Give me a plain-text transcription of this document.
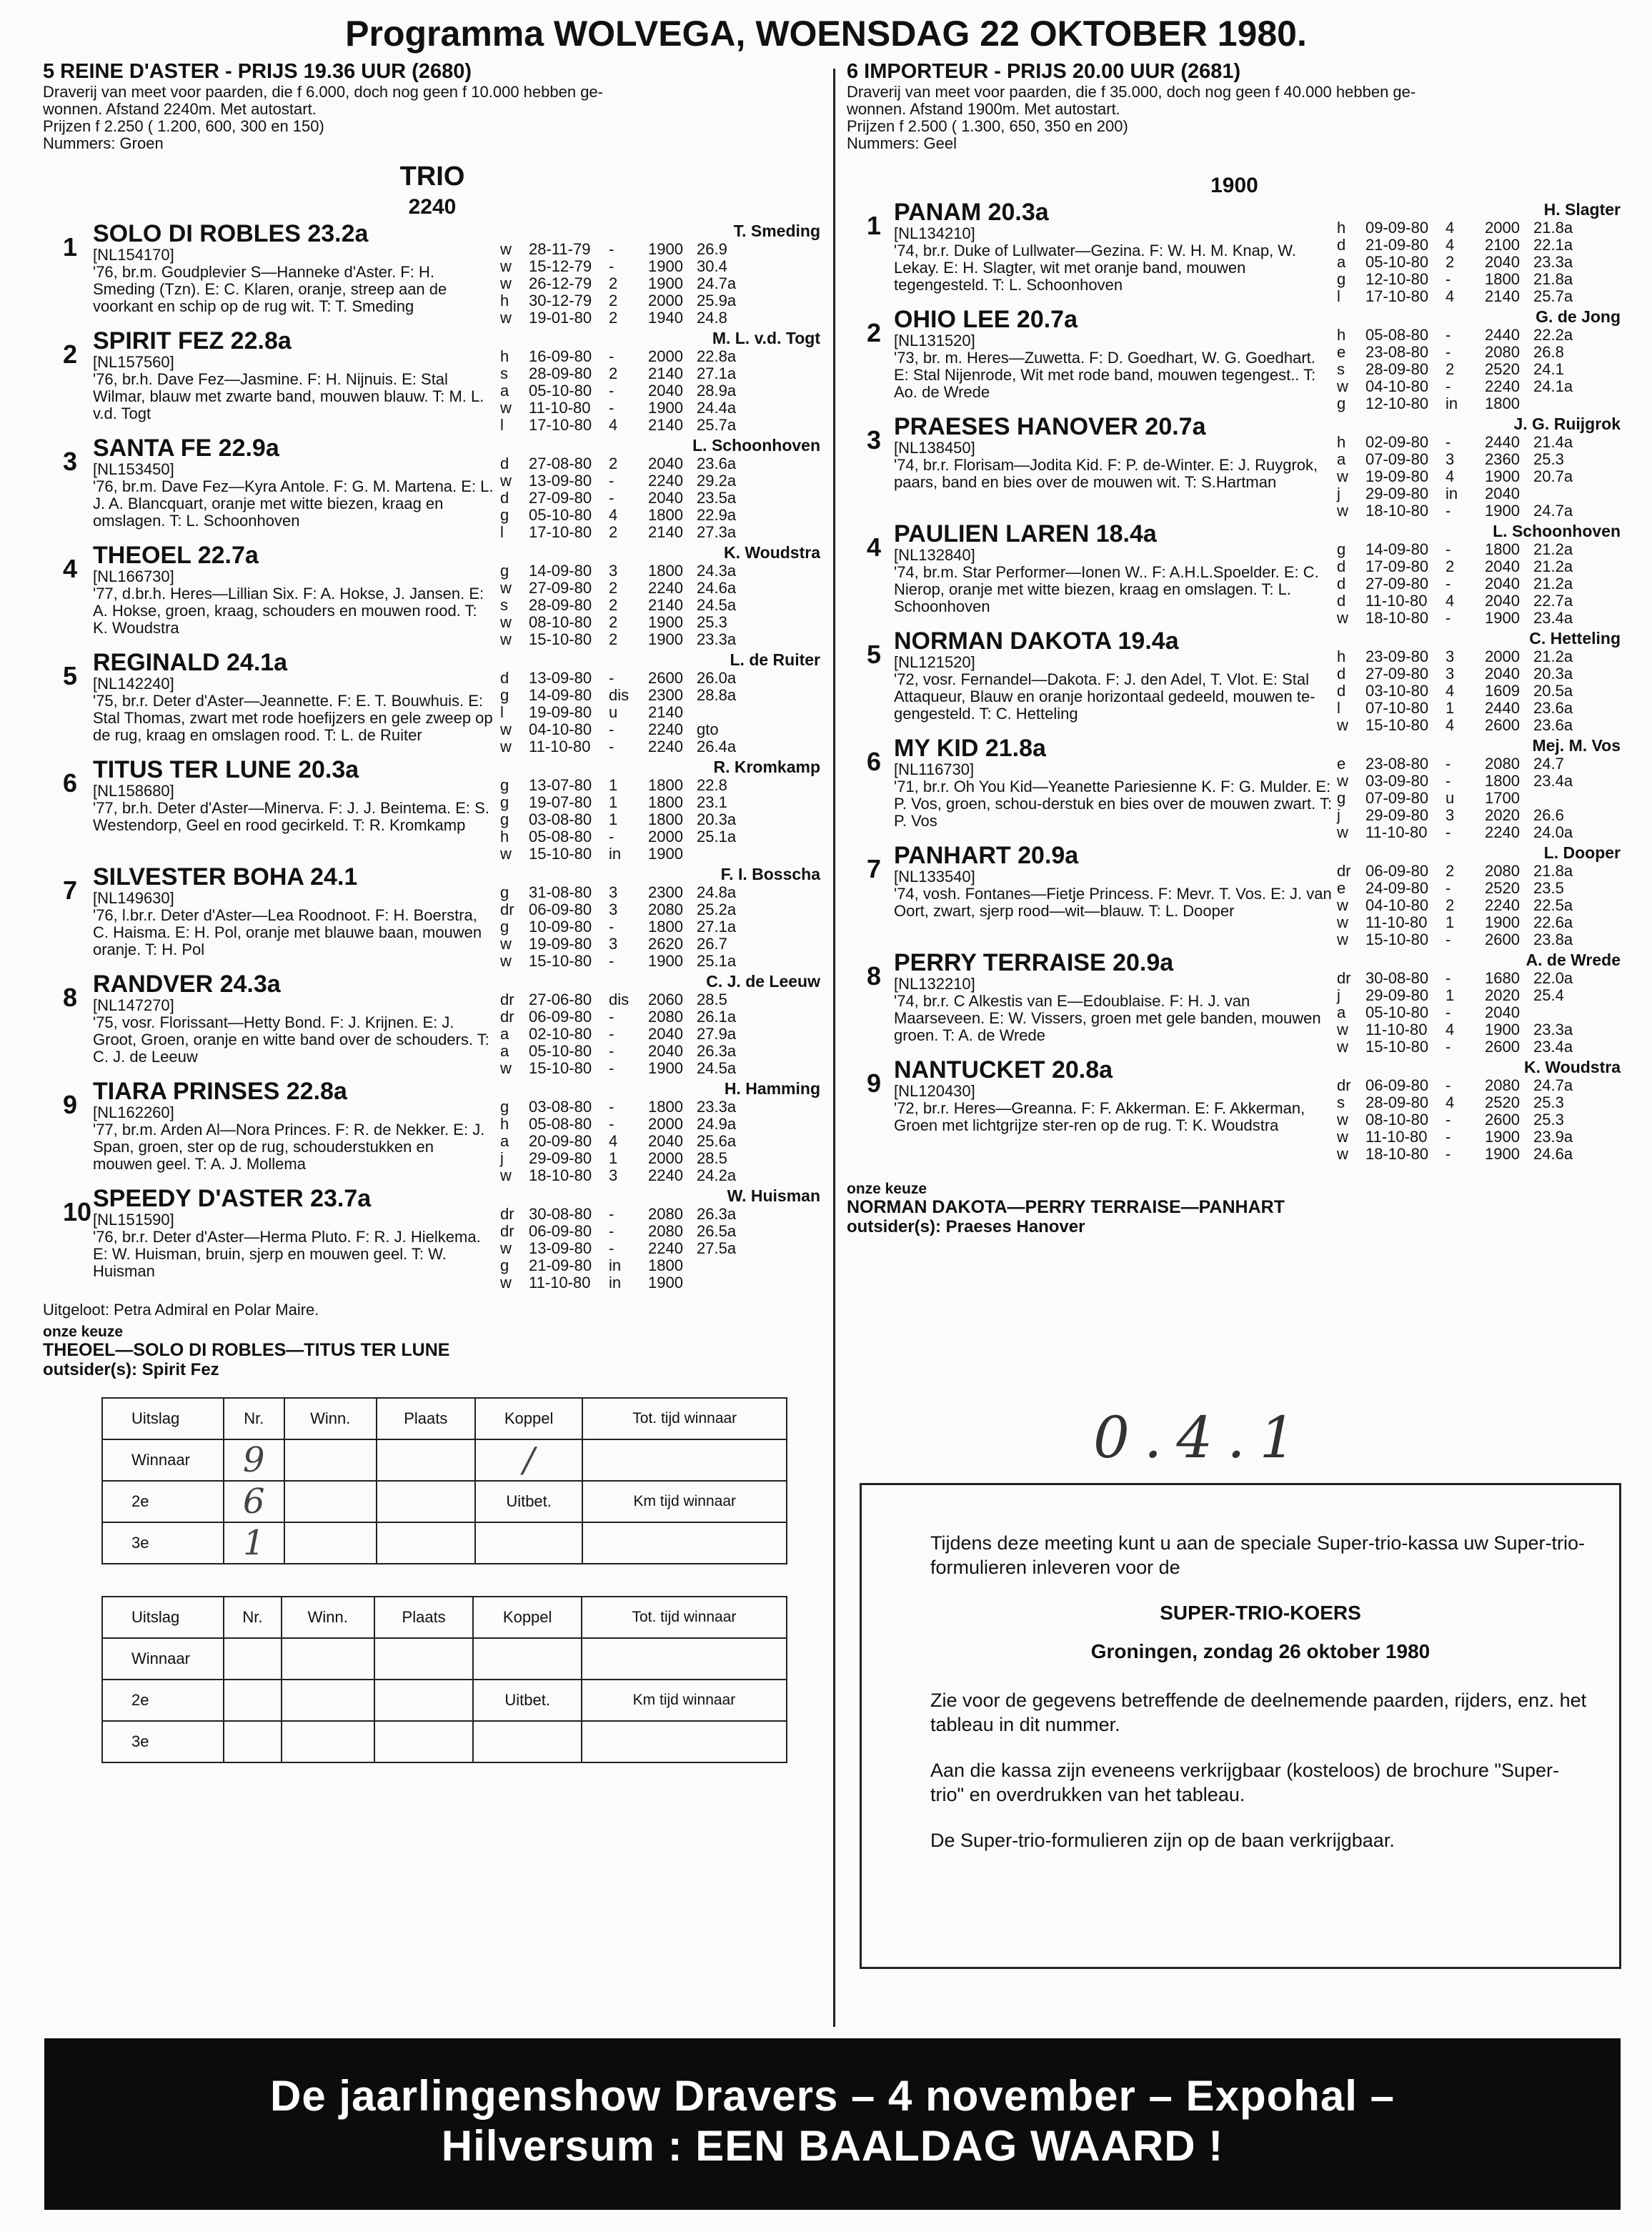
Programma WOLVEGA, WOENSDAG 22 OKTOBER 1980.
5 REINE D'ASTER - PRIJS 19.36 UUR (2680)
Draverij van meet voor paarden, die f 6.000, doch nog geen f 10.000 hebben ge-
wonnen. Afstand 2240m. Met autostart.
Prijzen f 2.250 ( 1.200, 600, 300 en 150)
Nummers: Groen
TRIO
2240
1 SOLO DI ROBLES 23.2a
[NL154170]
'76, br.m. Goudplevier S—Hanneke d'Aster. F: H. Smeding (Tzn). E: C. Klaren, oranje, streep aan de voorkant en schip op de rug wit. T: T. Smeding
T. Smeding
w	28-11-79	-	1900 26.9
w	15-12-79	-	1900 30.4
w	26-12-79	2	1900 24.7a
h	30-12-79	2	2000 25.9a
w	19-01-80	2	1940 24.8
2 SPIRIT FEZ 22.8a
[NL157560]
'76, br.h. Dave Fez—Jasmine. F: H. Nijnuis. E: Stal Wilmar, blauw met zwarte band, mouwen blauw. T: M. L. v.d. Togt
M. L. v.d. Togt
h	16-09-80	-	2000 22.8a
s	28-09-80	2	2140 27.1a
a	05-10-80	-	2040 28.9a
w	11-10-80	-	1900 24.4a
l	17-10-80	4	2140 25.7a
3 SANTA FE 22.9a
[NL153450]
'76, br.m. Dave Fez—Kyra Antole. F: G. M. Martena. E: L. J. A. Blancquart, oranje met witte biezen, kraag en omslagen. T: L. Schoonhoven
L. Schoonhoven
d	27-08-80	2	2040 23.6a
w	13-09-80	-	2240 29.2a
d	27-09-80	-	2040 23.5a
g	05-10-80	4	1800 22.9a
l	17-10-80	2	2140 27.3a
4 THEOEL 22.7a
[NL166730]
'77, d.br.h. Heres—Lillian Six. F: A. Hokse, J. Jansen. E: A. Hokse, groen, kraag, schouders en mouwen rood. T: K. Woudstra
K. Woudstra
g	14-09-80	3	1800 24.3a
w	27-09-80	2	2240 24.6a
s	28-09-80	2	2140 24.5a
w	08-10-80	2	1900 25.3
w	15-10-80	2	1900 23.3a
5 REGINALD 24.1a
[NL142240]
'75, br.r. Deter d'Aster—Jeannette. F: E. T. Bouwhuis. E: Stal Thomas, zwart met rode hoefijzers en gele zweep op de rug, kraag en omslagen rood. T: L. de Ruiter
L. de Ruiter
d	13-09-80	-	2600 26.0a
g	14-09-80	dis	2300 28.8a
l	19-09-80	u	2140
w	04-10-80	-	2240 gto
w	11-10-80	-	2240 26.4a
6 TITUS TER LUNE 20.3a
[NL158680]
'77, br.h. Deter d'Aster—Minerva. F: J. J. Beintema. E: S. Westendorp, Geel en rood gecirkeld. T: R. Kromkamp
R. Kromkamp
g	13-07-80	1	1800 22.8
g	19-07-80	1	1800 23.1
g	03-08-80	1	1800 20.3a
h	05-08-80	-	2000 25.1a
w	15-10-80	in	1900
7 SILVESTER BOHA 24.1
[NL149630]
'76, l.br.r. Deter d'Aster—Lea Roodnoot. F: H. Boerstra, C. Haisma. E: H. Pol, oranje met blauwe baan, mouwen oranje. T: H. Pol
F. I. Bosscha
g	31-08-80	3	2300 24.8a
dr 06-09-80	3	2080 25.2a
g	10-09-80	-	1800 27.1a
w	19-09-80	3	2620 26.7
w	15-10-80	-	1900 25.1a
8 RANDVER 24.3a
[NL147270]
'75, vosr. Florissant—Hetty Bond. F: J. Krijnen. E: J. Groot, Groen, oranje en witte band over de schouders. T: C. J. de Leeuw
C. J. de Leeuw
dr 27-06-80	dis	2060 28.5
dr 06-09-80	-	2080 26.1a
a	02-10-80	-	2040 27.9a
a	05-10-80	-	2040 26.3a
w	15-10-80	-	1900 24.5a
9 TIARA PRINSES 22.8a
[NL162260]
'77, br.m. Arden Al—Nora Princes. F: R. de Nekker. E: J. Span, groen, ster op de rug, schouderstukken en mouwen geel. T: A. J. Mollema
H. Hamming
g	03-08-80	-	1800 23.3a
h	05-08-80	-	2000 24.9a
a	20-09-80	4	2040 25.6a
j	29-09-80	1	2000 28.5
w	18-10-80	3	2240 24.2a
10 SPEEDY D'ASTER 23.7a
[NL151590]
'76, br.r. Deter d'Aster—Herma Pluto. F: R. J. Hielkema. E: W. Huisman, bruin, sjerp en mouwen geel. T: W. Huisman
W. Huisman
dr 30-08-80	-	2080 26.3a
dr 06-09-80	-	2080 26.5a
w	13-09-80	-	2240 27.5a
g	21-09-80	in	1800
w	11-10-80	in	1900
Uitgeloot: Petra Admiral en Polar Maire.
onze keuze
THEOEL—SOLO DI ROBLES—TITUS TER LUNE
outsider(s): Spirit Fez
Uitslag	Nr.	Winn.	Plaats	Koppel	Tot. tijd winnaar
Winnaar	9			/	
2e	6			Uitbet.	Km tijd winnaar
3e	1				
Uitslag	Nr.	Winn.	Plaats	Koppel	Tot. tijd winnaar
Winnaar					
2e				Uitbet.	Km tijd winnaar
3e					
6 IMPORTEUR - PRIJS 20.00 UUR (2681)
Draverij van meet voor paarden, die f 35.000, doch nog geen f 40.000 hebben ge-
wonnen. Afstand 1900m. Met autostart.
Prijzen f 2.500 ( 1.300, 650, 350 en 200)
Nummers: Geel
1900
1 PANAM 20.3a
[NL134210]
'74, br.r. Duke of Lullwater—Gezina. F: W. H. M. Knap, W. Lekay. E: H. Slagter, wit met oranje band, mouwen tegengesteld. T: L. Schoonhoven
H. Slagter
h	09-09-80	4	2000 21.8a
d	21-09-80	4	2100 22.1a
a	05-10-80	2	2040 23.3a
g	12-10-80	-	1800 21.8a
l	17-10-80	4	2140 25.7a
2 OHIO LEE 20.7a
[NL131520]
'73, br. m. Heres—Zuwetta. F: D. Goedhart, W. G. Goedhart. E: Stal Nijenrode, Wit met rode band, mouwen tegengest.. T: Ao. de Wrede
G. de Jong
h	05-08-80	-	2440 22.2a
e	23-08-80	-	2080 26.8
s	28-09-80	2	2520 24.1
w	04-10-80	-	2240 24.1a
g	12-10-80	in	1800
3 PRAESES HANOVER 20.7a
[NL138450]
'74, br.r. Florisam—Jodita Kid. F: P. de-Winter. E: J. Ruygrok, paars, band en bies over de mouwen wit. T: S.Hartman
J. G. Ruijgrok
h	02-09-80	-	2440 21.4a
a	07-09-80	3	2360 25.3
w	19-09-80	4	1900 20.7a
j	29-09-80	in	2040
w	18-10-80	-	1900 24.7a
4 PAULIEN LAREN 18.4a
[NL132840]
'74, br.m. Star Performer—Ionen W.. F: A.H.L.Spoelder. E: C. Nierop, oranje met witte biezen, kraag en omslagen. T: L. Schoonhoven
L. Schoonhoven
g	14-09-80	-	1800 21.2a
d	17-09-80	2	2040 21.2a
d	27-09-80	-	2040 21.2a
d	11-10-80	4	2040 22.7a
w	18-10-80	-	1900 23.4a
5 NORMAN DAKOTA 19.4a
[NL121520]
'72, vosr. Fernandel—Dakota. F: J. den Adel, T. Vlot. E: Stal Attaqueur, Blauw en oranje horizontaal gedeeld, mouwen te-gengesteld. T: C. Hetteling
C. Hetteling
h	23-09-80	3	2000 21.2a
d	27-09-80	3	2040 20.3a
d	03-10-80	4	1609 20.5a
l	07-10-80	1	2440 23.6a
w	15-10-80	4	2600 23.6a
6 MY KID 21.8a
[NL116730]
'71, br.r. Oh You Kid—Yeanette Pariesienne K. F: G. Mulder. E: P. Vos, groen, schou-derstuk en bies over de mouwen zwart. T: P. Vos
Mej. M. Vos
e	23-08-80	-	2080 24.7
w	03-09-80	-	1800 23.4a
g	07-09-80	u	1700
j	29-09-80	3	2020 26.6
w	11-10-80	-	2240 24.0a
7 PANHART 20.9a
[NL133540]
'74, vosh. Fontanes—Fietje Princess. F: Mevr. T. Vos. E: J. van Oort, zwart, sjerp rood—wit—blauw. T: L. Dooper
L. Dooper
dr 06-09-80	2	2080 21.8a
e	24-09-80	-	2520 23.5
w	04-10-80	2	2240 22.5a
w	11-10-80	1	1900 22.6a
w	15-10-80	-	2600 23.8a
8 PERRY TERRAISE 20.9a
[NL132210]
'74, br.r. C Alkestis van E—Edoublaise. F: H. J. van Maarseveen. E: W. Vissers, groen met gele banden, mouwen groen. T: A. de Wrede
A. de Wrede
dr 30-08-80	-	1680 22.0a
j	29-09-80	1	2020 25.4
a	05-10-80	-	2040
w	11-10-80	4	1900 23.3a
w	15-10-80	-	2600 23.4a
9 NANTUCKET 20.8a
[NL120430]
'72, br.r. Heres—Greanna. F: F. Akkerman. E: F. Akkerman, Groen met lichtgrijze ster-ren op de rug. T: K. Woudstra
K. Woudstra
dr 06-09-80	-	2080 24.7a
s	28-09-80	4	2520 25.3
w	08-10-80	-	2600 25.3
w	11-10-80	-	1900 23.9a
w	18-10-80	-	1900 24.6a
onze keuze
NORMAN DAKOTA—PERRY TERRAISE—PANHART
outsider(s): Praeses Hanover
0.4.1

Tijdens deze meeting kunt u aan de speciale Super-trio-kassa uw Super-trio-formulieren inleveren voor de

SUPER-TRIO-KOERS

Groningen, zondag 26 oktober 1980

Zie voor de gegevens betreffende de deelnemende paarden, rijders, enz. het tableau in dit nummer.

Aan die kassa zijn eveneens verkrijgbaar (kosteloos) de brochure "Super-trio" en overdrukken van het tableau.

De Super-trio-formulieren zijn op de baan verkrijgbaar.

De jaarlingenshow Dravers – 4 november – Expohal –
Hilversum : EEN BAALDAG WAARD !
